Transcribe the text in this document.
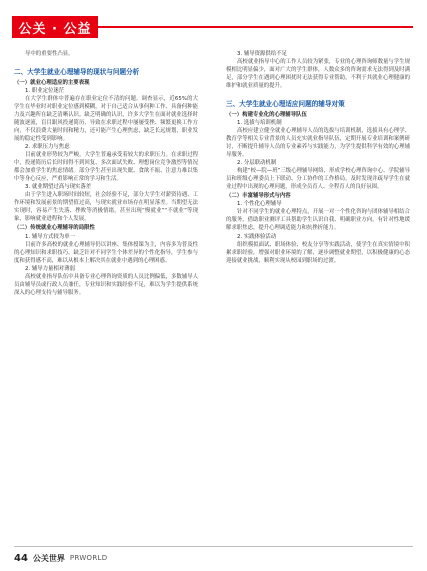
公关 · 公益

导中的重要性凸显。

二、大学生就业心理辅导的现状与问题分析

（一）就业心理适应的主要表现

1. 职业定位迷茫

在大学生群体中普遍存在职业定位不清的问题。调查显示，近65%的大学生在毕业时对职业定位感到模糊，对于自己适合从事何种工作、具备何种能力及兴趣所在缺乏清晰认识。缺乏明确的认识，许多大学生在面对就业选择时随波逐流，盲目跟风投递简历，导致在求职过程中屡屡受挫、频繁更换工作方向，不仅浪费大量时间和精力，还可能产生心理焦虑，缺乏长远规划，职业发展的稳定性受到影响。

2. 求职压力与焦虑

目前就业形势较为严峻，大学生普遍承受着较大的求职压力。在求职过程中，投递简历后长时间得不到回复、多次面试失败、理想岗位竞争激烈等情况都会加重学生的焦虑情绪。部分学生甚至出现失眠、食欲不振、注意力难以集中等身心反应，严重影响正常的学习和生活。

3. 就业期望过高与现实落差

由于学生进入职场时间较短，社会经验不足，部分大学生对薪资待遇、工作环境和发展前景的期望值过高，与现实就业市场存在明显落差。当期望无法实现时，容易产生失落、挫败等消极情绪，甚至出现“慢就业”“不就业”等现象，影响就业进程和个人发展。

（二）传统就业心理辅导的局限性

1. 辅导方式较为单一

目前许多高校的就业心理辅导仍以讲座、集体授课为主，内容多为普及性的心理知识和求职技巧，缺乏针对不同学生个体差异的个性化指导，学生参与度和获得感不高，难以从根本上解决其在就业中遇到的心理困惑。

2. 辅导力量相对薄弱

高校就业指导队伍中具备专业心理咨询资质的人员比例偏低，多数辅导人员由辅导员或行政人员兼任，专业知识和实践经验不足，难以为学生提供系统深入的心理支持与辅导服务。

3. 辅导资源供给不足

高校就业指导中心的工作人员较为紧张，专业的心理咨询师数量与学生规模相比明显偏少，面对广大的学生群体，人数众多的咨询需求无法得到及时满足，部分学生在遇到心理困扰时无法获得专业帮助，不利于其就业心理健康的维护和就业质量的提升。

三、大学生就业心理适应问题的辅导对策

（一）构建专业化的心理辅导队伍

1. 选拔与培训机制

高校应建立健全就业心理辅导人员的选拔与培训机制，选拔具有心理学、教育学等相关专业背景的人员充实就业指导队伍，定期开展专业培训和案例研讨，不断提升辅导人员的专业素养与实践能力，为学生提供科学有效的心理辅导服务。

2. 分层联动机制

构建“校—院—班”三级心理辅导网络，形成学校心理咨询中心、学院辅导员和班级心理委员上下联动、分工协作的工作格局，及时发现并疏导学生在就业过程中出现的心理问题，形成全员育人、全程育人的良好氛围。

（二）丰富辅导形式与内容

1. 个性化心理辅导

针对不同学生的就业心理特点，开展一对一个性化咨询与团体辅导相结合的服务，借助职业测评工具帮助学生认识自我、明确职业方向，有针对性地缓解求职焦虑，提升心理调适能力和抗挫折能力。

2. 实践体验活动

组织模拟面试、职场体验、校友分享等实践活动，使学生在真实情境中积累求职经验，增强对职业环境的了解，逐步调整就业期望，以积极健康的心态迎接就业挑战，顺利实现从校园到职场的过渡。

44 公关世界 PRWORLD
